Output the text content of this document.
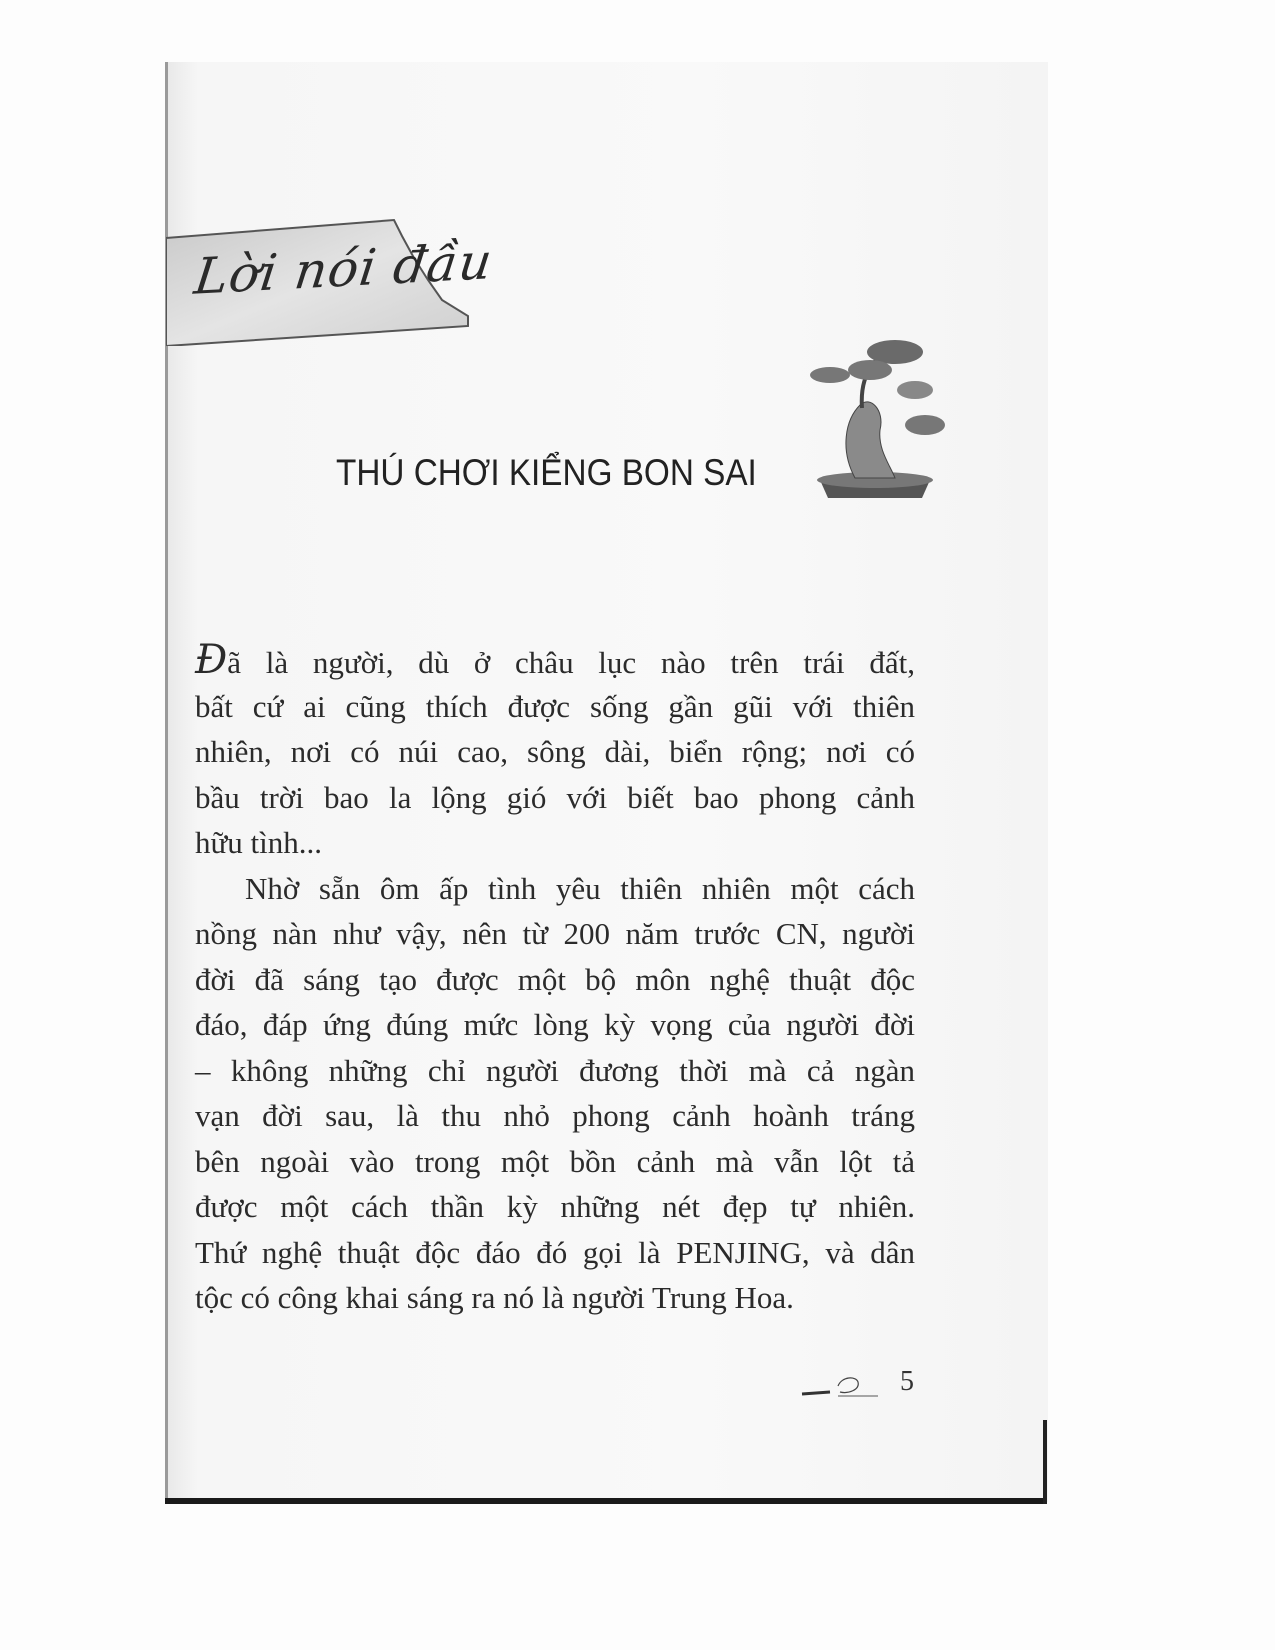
Lời nói đầu
THÚ CHƠI KIỂNG BON SAI
Đã là người, dù ở châu lục nào trên trái đất,
bất cứ ai cũng thích được sống gần gũi với thiên
nhiên, nơi có núi cao, sông dài, biển rộng; nơi có
bầu trời bao la lộng gió với biết bao phong cảnh
hữu tình...
Nhờ sẵn ôm ấp tình yêu thiên nhiên một cách
nồng nàn như vậy, nên từ 200 năm trước CN, người
đời đã sáng tạo được một bộ môn nghệ thuật độc
đáo, đáp ứng đúng mức lòng kỳ vọng của người đời
– không những chỉ người đương thời mà cả ngàn
vạn đời sau, là thu nhỏ phong cảnh hoành tráng
bên ngoài vào trong một bồn cảnh mà vẫn lột tả
được một cách thần kỳ những nét đẹp tự nhiên.
Thứ nghệ thuật độc đáo đó gọi là PENJING, và dân
tộc có công khai sáng ra nó là người Trung Hoa.
5
